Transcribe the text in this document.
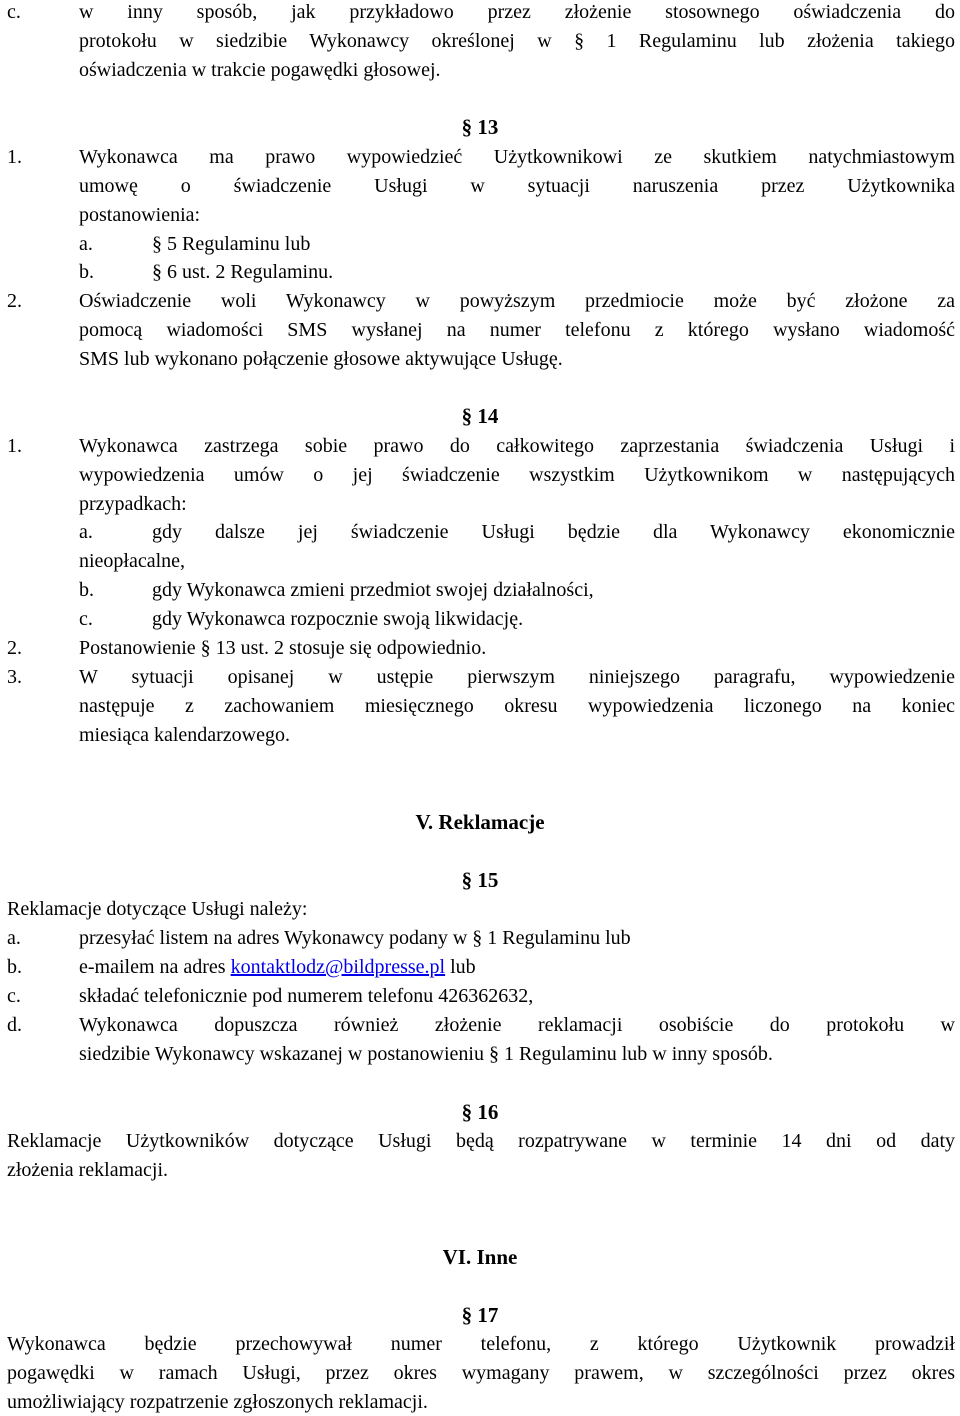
c.	w inny sposób, jak przykładowo przez złożenie stosownego oświadczenia do
protokołu w siedzibie Wykonawcy określonej w § 1 Regulaminu lub złożenia takiego
oświadczenia w trakcie pogawędki głosowej.
§ 13
1.	Wykonawca ma prawo wypowiedzieć Użytkownikowi ze skutkiem natychmiastowym
umowę o świadczenie Usługi w sytuacji naruszenia przez Użytkownika
postanowienia:
a.	§ 5 Regulaminu lub
b.	§ 6 ust. 2 Regulaminu.
2.	Oświadczenie woli Wykonawcy w powyższym przedmiocie może być złożone za
pomocą wiadomości SMS wysłanej na numer telefonu z którego wysłano wiadomość
SMS lub wykonano połączenie głosowe aktywujące Usługę.
§ 14
1.	Wykonawca zastrzega sobie prawo do całkowitego zaprzestania świadczenia Usługi i
wypowiedzenia umów o jej świadczenie wszystkim Użytkownikom w następujących
przypadkach:
a.	gdy dalsze jej świadczenie Usługi będzie dla Wykonawcy ekonomicznie
nieopłacalne,
b.	gdy Wykonawca zmieni przedmiot swojej działalności,
c.	gdy Wykonawca rozpocznie swoją likwidację.
2.	Postanowienie § 13 ust. 2 stosuje się odpowiednio.
3.	W sytuacji opisanej w ustępie pierwszym niniejszego paragrafu, wypowiedzenie
następuje z zachowaniem miesięcznego okresu wypowiedzenia liczonego na koniec
miesiąca kalendarzowego.
V. Reklamacje
§ 15
Reklamacje dotyczące Usługi należy:
a.	przesyłać listem na adres Wykonawcy podany w § 1 Regulaminu lub
b.	e-mailem na adres kontaktlodz@bildpresse.pl lub
c.	składać telefonicznie pod numerem telefonu 426362632,
d.	Wykonawca dopuszcza również złożenie reklamacji osobiście do protokołu w
siedzibie Wykonawcy wskazanej w postanowieniu § 1 Regulaminu lub w inny sposób.
§ 16
Reklamacje Użytkowników dotyczące Usługi będą rozpatrywane w terminie 14 dni od daty
złożenia reklamacji.
VI. Inne
§ 17
Wykonawca będzie przechowywał numer telefonu, z którego Użytkownik prowadził
pogawędki w ramach Usługi, przez okres wymagany prawem, w szczególności przez okres
umożliwiający rozpatrzenie zgłoszonych reklamacji.
